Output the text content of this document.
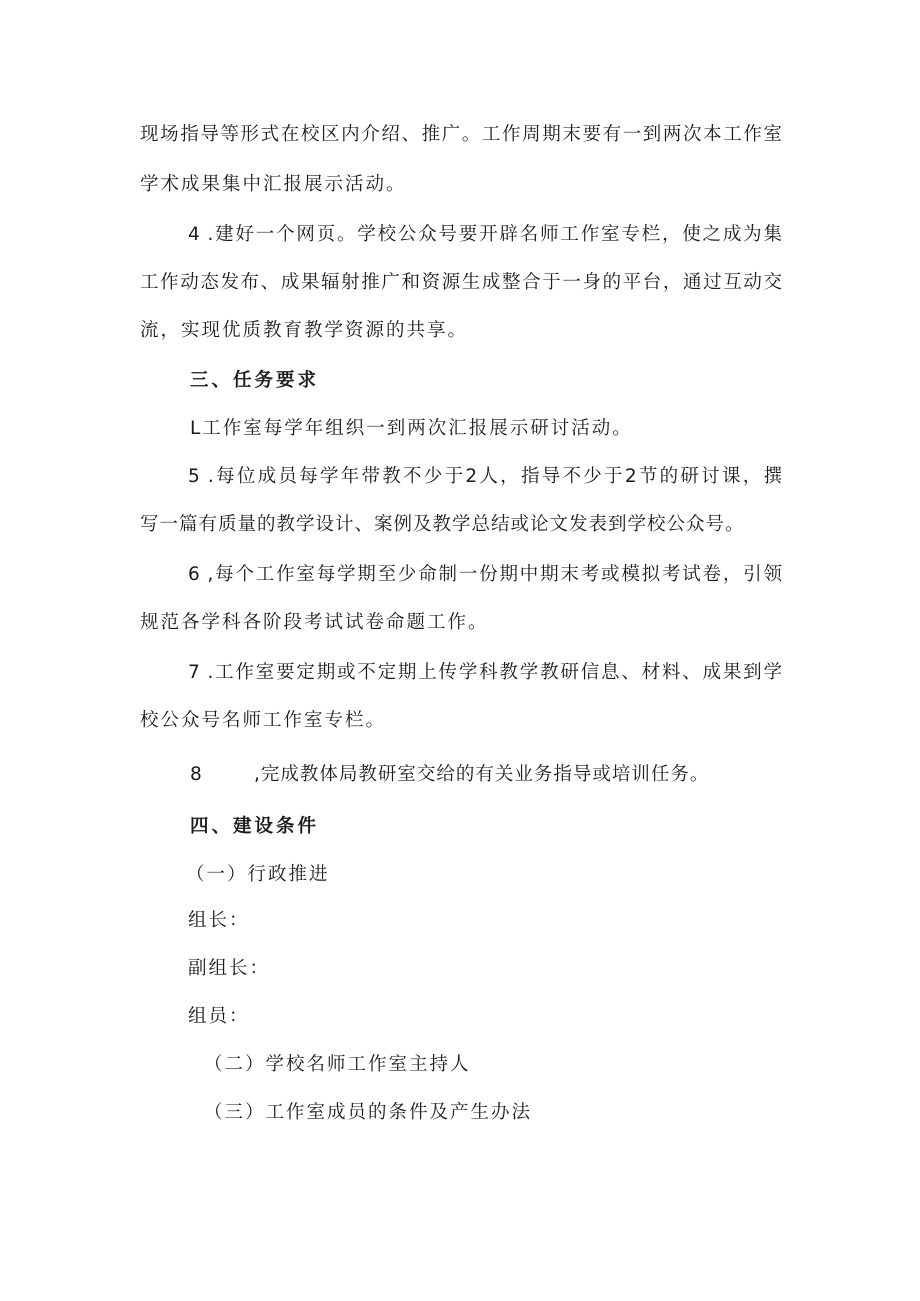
现场指导等形式在校区内介绍、推广。工作周期末要有一到两次本工作室
学术成果集中汇报展示活动。
4 .建好一个网页。学校公众号要开辟名师工作室专栏，使之成为集
工作动态发布、成果辐射推广和资源生成整合于一身的平台，通过互动交
流，实现优质教育教学资源的共享。
三、任务要求
L工作室每学年组织一到两次汇报展示研讨活动。
5 .每位成员每学年带教不少于2人，指导不少于2节的研讨课，撰
写一篇有质量的教学设计、案例及教学总结或论文发表到学校公众号。
6 ,每个工作室每学期至少命制一份期中期末考或模拟考试卷，引领
规范各学科各阶段考试试卷命题工作。
7 .工作室要定期或不定期上传学科教学教研信息、材料、成果到学
校公众号名师工作室专栏。
8	,完成教体局教研室交给的有关业务指导或培训任务。
四、建设条件
（一）行政推进
组长：
副组长：
组员：
（二）学校名师工作室主持人
（三）工作室成员的条件及产生办法
